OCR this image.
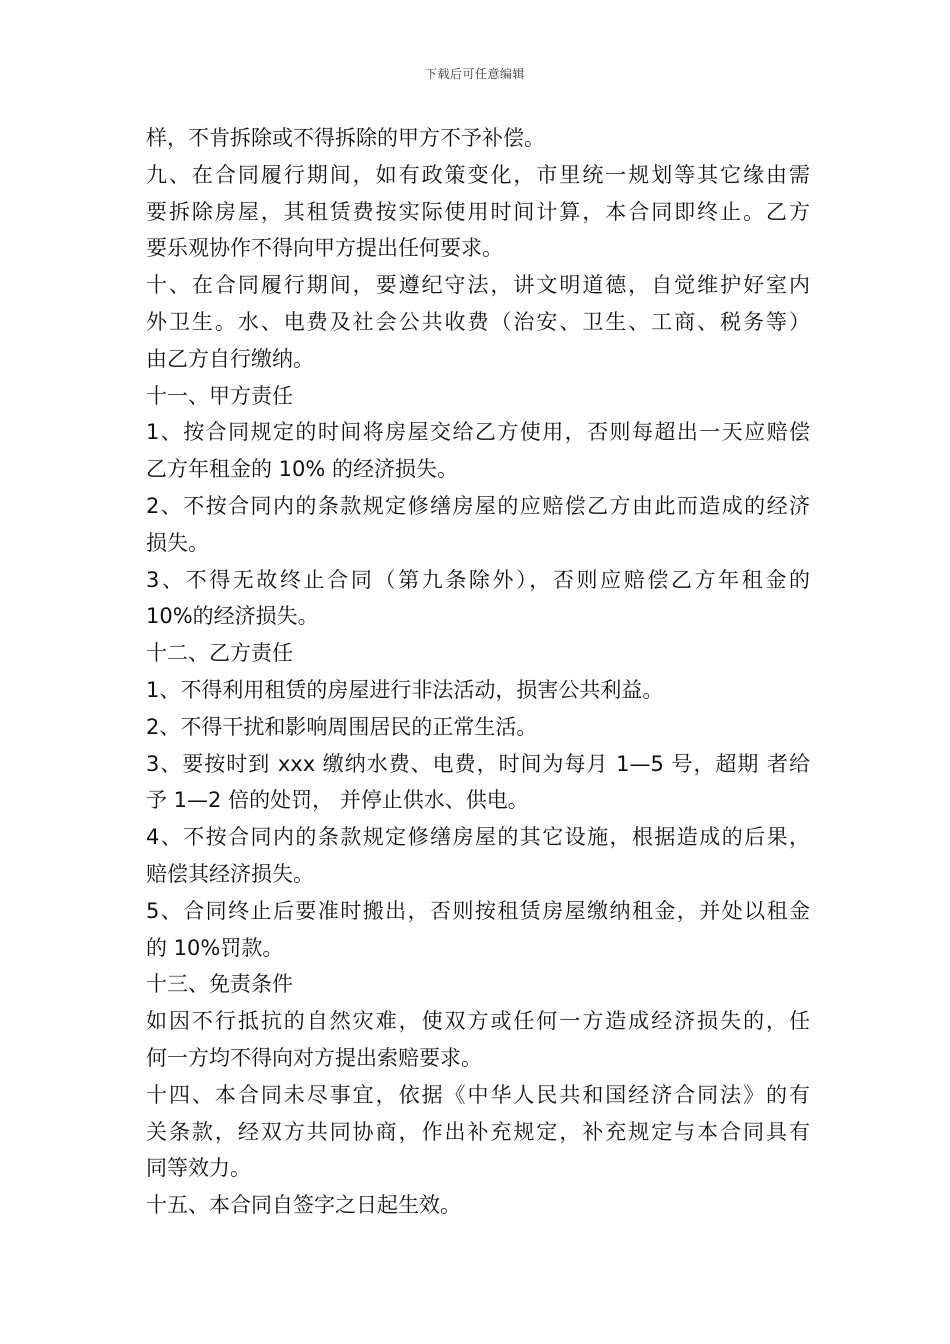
下载后可任意编辑
样，不肯拆除或不得拆除的甲方不予补偿。
九、在合同履行期间，如有政策变化，市里统一规划等其它缘由需
要拆除房屋，其租赁费按实际使用时间计算，本合同即终止。乙方
要乐观协作不得向甲方提出任何要求。
十、在合同履行期间，要遵纪守法，讲文明道德，自觉维护好室内
外卫生。水、电费及社会公共收费（治安、卫生、工商、税务等）
由乙方自行缴纳。
十一、甲方责任
1、按合同规定的时间将房屋交给乙方使用，否则每超出一天应赔偿
乙方年租金的 10% 的经济损失。
2、不按合同内的条款规定修缮房屋的应赔偿乙方由此而造成的经济
损失。
3、不得无故终止合同（第九条除外），否则应赔偿乙方年租金的
10%的经济损失。
十二、乙方责任
1、不得利用租赁的房屋进行非法活动，损害公共利益。
2、不得干扰和影响周围居民的正常生活。
3、要按时到 xxx 缴纳水费、电费，时间为每月 1—5 号，超期 者给
予 1—2 倍的处罚， 并停止供水、供电。
4、不按合同内的条款规定修缮房屋的其它设施，根据造成的后果，
赔偿其经济损失。
5、合同终止后要准时搬出，否则按租赁房屋缴纳租金，并处以租金
的 10%罚款。
十三、免责条件
如因不行抵抗的自然灾难，使双方或任何一方造成经济损失的，任
何一方均不得向对方提出索赔要求。
十四、本合同未尽事宜，依据《中华人民共和国经济合同法》的有
关条款，经双方共同协商，作出补充规定，补充规定与本合同具有
同等效力。
十五、本合同自签字之日起生效。
